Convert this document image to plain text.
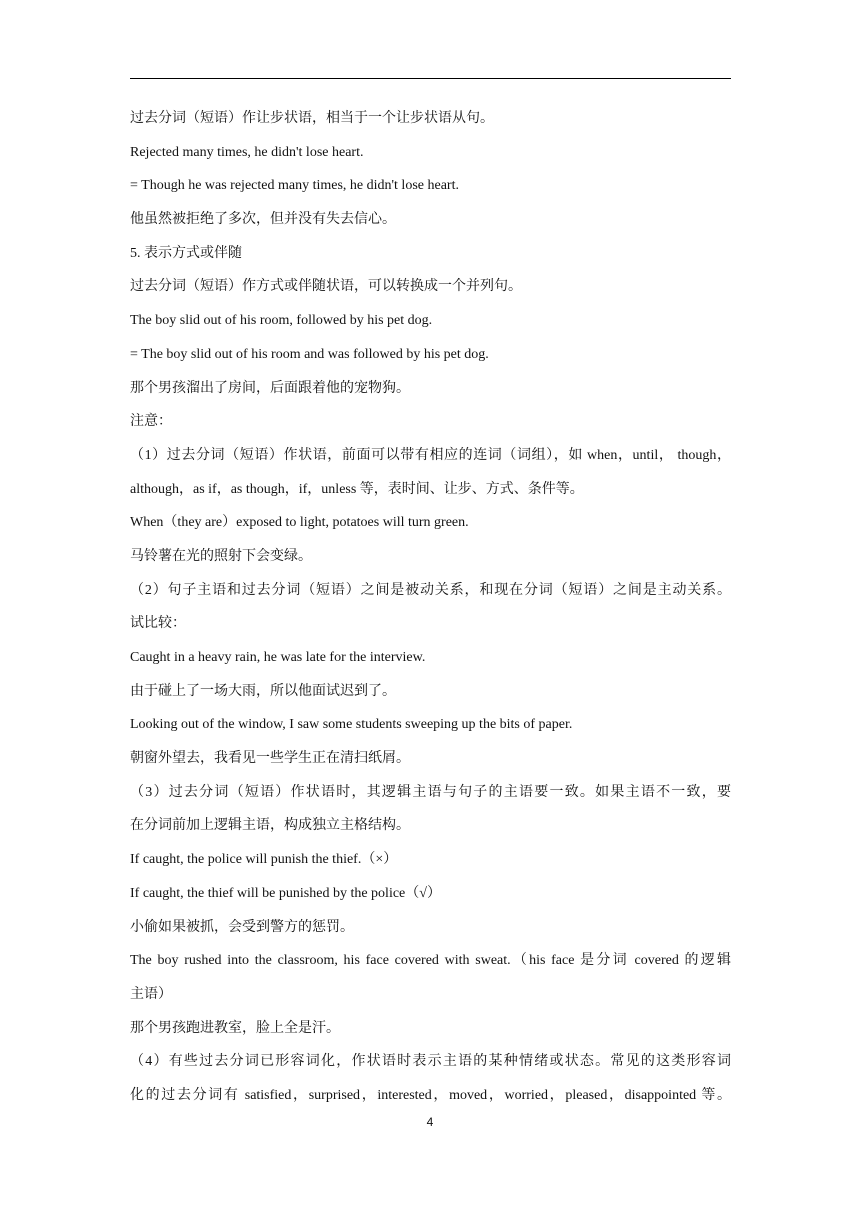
过去分词（短语）作让步状语，相当于一个让步状语从句。
Rejected many times, he didn't lose heart.
= Though he was rejected many times, he didn't lose heart.
他虽然被拒绝了多次，但并没有失去信心。
5. 表示方式或伴随
过去分词（短语）作方式或伴随状语，可以转换成一个并列句。
The boy slid out of his room, followed by his pet dog.
= The boy slid out of his room and was followed by his pet dog.
那个男孩溜出了房间，后面跟着他的宠物狗。
注意：
（1）过去分词（短语）作状语，前面可以带有相应的连词（词组），如 when，until， though，
although，as if，as though，if，unless 等，表时间、让步、方式、条件等。
When（they are）exposed to light, potatoes will turn green.
马铃薯在光的照射下会变绿。
（2）句子主语和过去分词（短语）之间是被动关系，和现在分词（短语）之间是主动关系。
试比较：
Caught in a heavy rain, he was late for the interview.
由于碰上了一场大雨，所以他面试迟到了。
Looking out of the window, I saw some students sweeping up the bits of paper.
朝窗外望去，我看见一些学生正在清扫纸屑。
（3）过去分词（短语）作状语时，其逻辑主语与句子的主语要一致。如果主语不一致，要
在分词前加上逻辑主语，构成独立主格结构。
If caught, the police will punish the thief.（×）
If caught, the thief will be punished by the police（√）
小偷如果被抓，会受到警方的惩罚。
The boy rushed into the classroom, his face covered with sweat.（his face 是分词 covered 的逻辑
主语）
那个男孩跑进教室，脸上全是汗。
（4）有些过去分词已形容词化，作状语时表示主语的某种情绪或状态。常见的这类形容词
化的过去分词有 satisfied，surprised，interested，moved，worried，pleased，disappointed 等。
4
